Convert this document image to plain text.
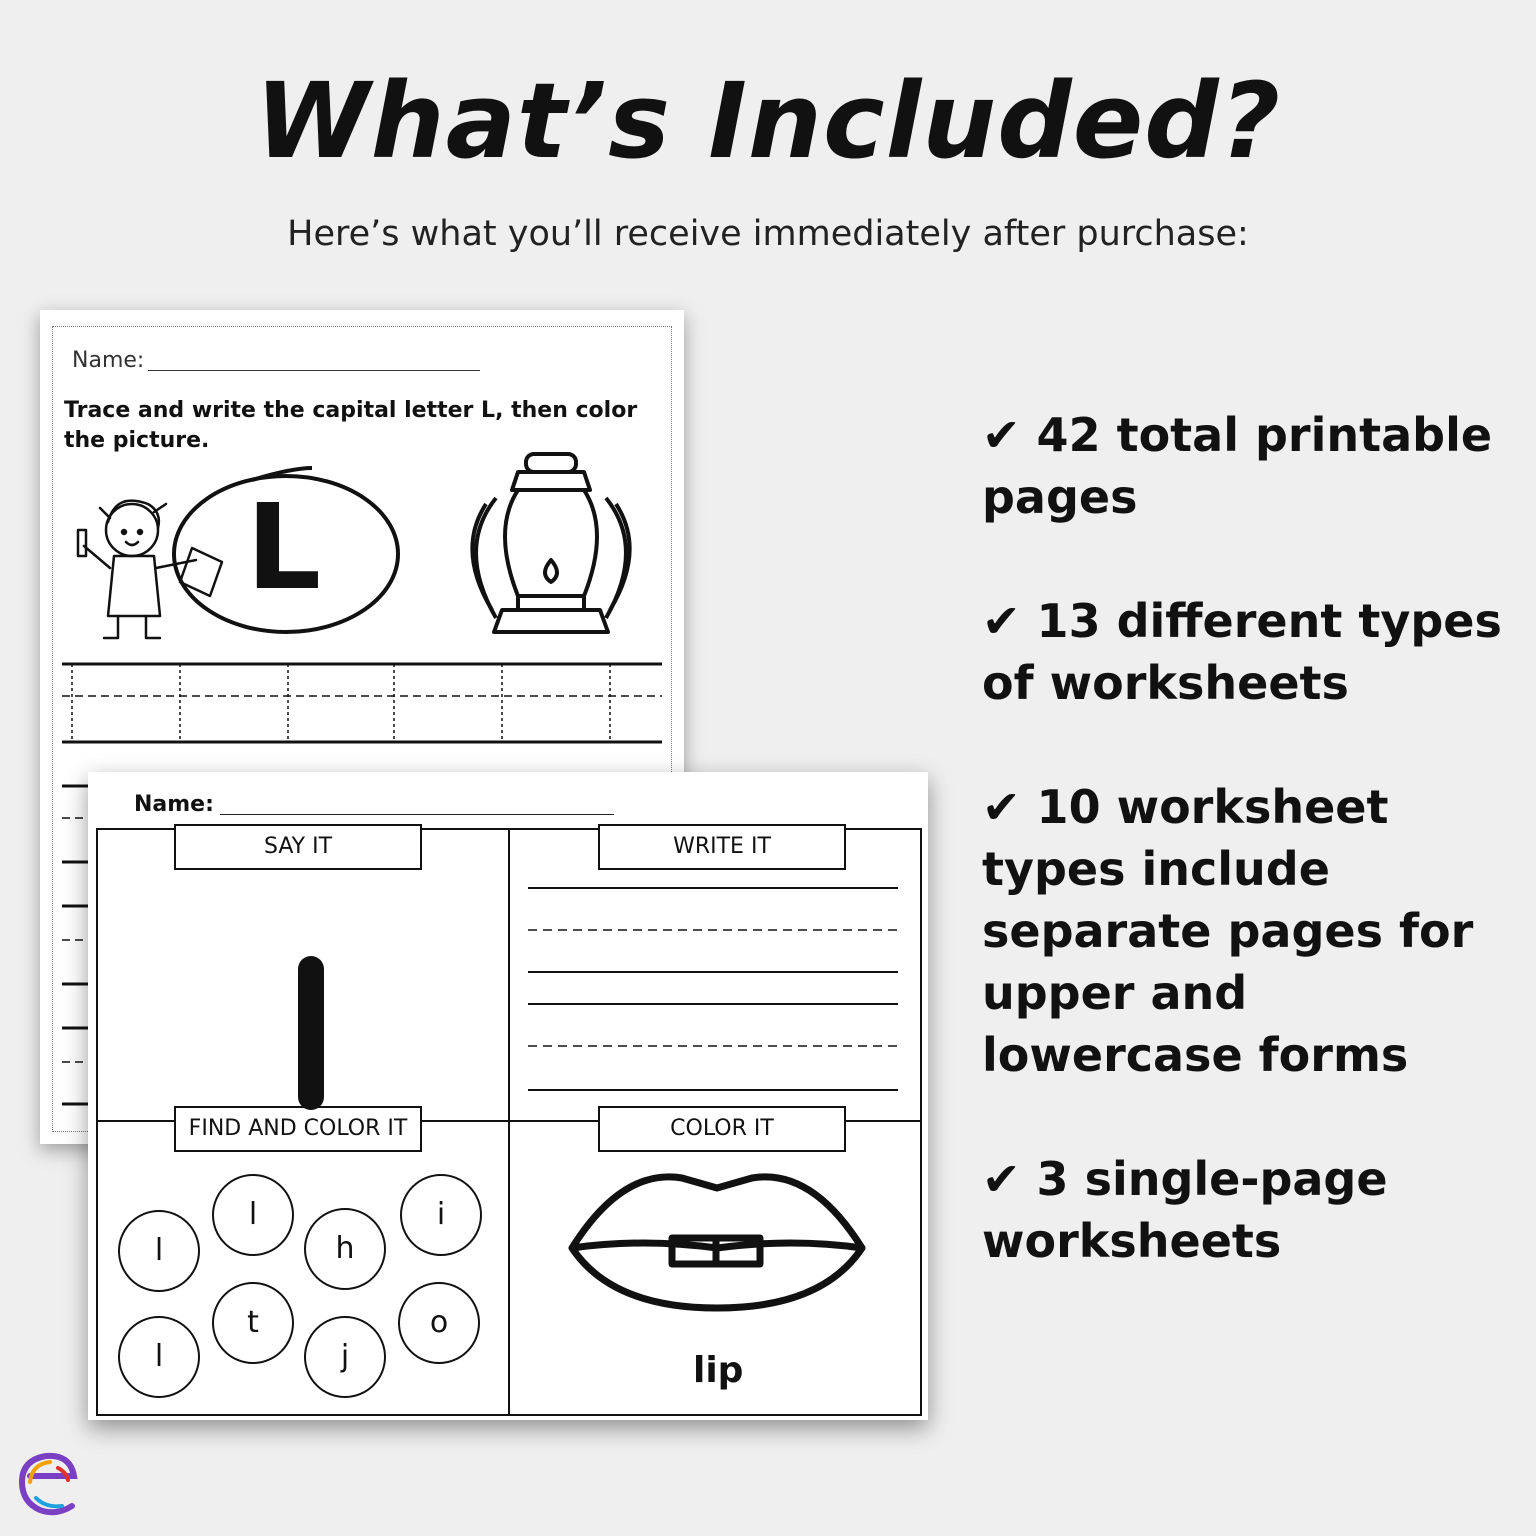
What’s Included?
Here’s what you’ll receive immediately after purchase:
Name:
Trace and write the capital letter L, then color the picture.
L
Name:
SAY IT	WRITE IT
FIND AND COLOR IT	COLOR IT
l
l
h
i
l
t
j
o
lip
✔ 42 total printable pages
✔ 13 different types of worksheets
✔ 10 worksheet types include separate pages for upper and lowercase forms
✔ 3 single-page worksheets
